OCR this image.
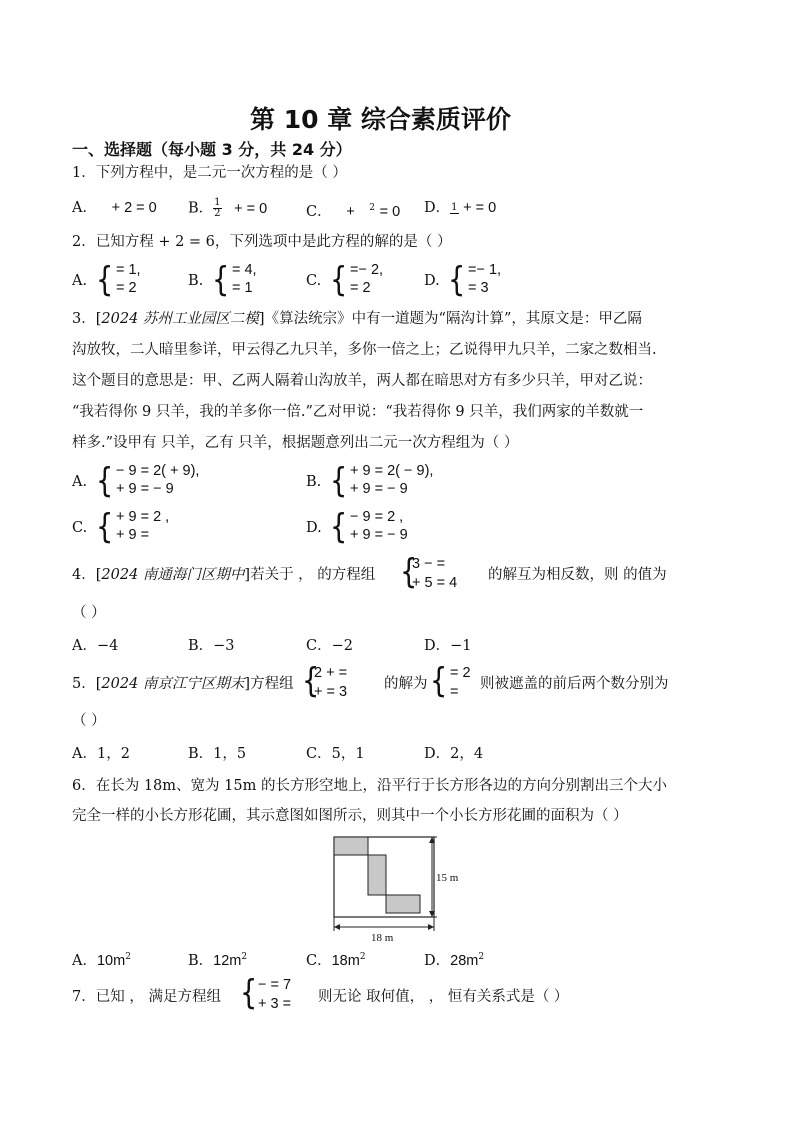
第 10 章 综合素质评价
一、选择题（每小题 3 分，共 24 分）
1．下列方程中，是二元一次方程的是（ ）
A． + 2 = 0 B． $\frac{1}{2}$ + = 0	C． + $^2$ = 0 D． 1 + = 0
2．已知方程 + 2 = 6，下列选项中是此方程的解的是（ ）
A. { = 1,
= 2	B. { = 4,
= 1	C. { =− 2,
= 2	D. { =− 1,
= 3
3．[2024 苏州工业园区二模]《算法统宗》中有一道题为“隔沟计算”，其原文是：甲乙隔
沟放牧，二人暗里参详，甲云得乙九只羊，多你一倍之上；乙说得甲九只羊，二家之数相当.
这个题目的意思是：甲、乙两人隔着山沟放羊，两人都在暗思对方有多少只羊，甲对乙说：
“我若得你 9 只羊，我的羊多你一倍.”乙对甲说：“我若得你 9 只羊，我们两家的羊数就一
样多.”设甲有 只羊，乙有 只羊，根据题意列出二元一次方程组为（ ）
A. { − 9 = 2( + 9),
+ 9 = − 9	B. { + 9 = 2( − 9),
+ 9 = − 9
C. { + 9 = 2 ,
+ 9 =	D. { − 9 = 2 ,
+ 9 = − 9
4．[2024 南通海门区期中]若关于 ， 的方程组 {
3 − =
+ 5 = 4 的解互为相反数，则 的值为
（ ）
A．−4	B．−3	C．−2	D．−1
5．[2024 南京江宁区期末]方程组 {
2 + =
+ = 3	的解为 { = 2
= 则被遮盖的前后两个数分别为
（ ）
A．1，2	B．1，5	C．5，1	D．2，4
6．在长为 18m、宽为 15m 的长方形空地上，沿平行于长方形各边的方向分别割出三个大小
完全一样的小长方形花圃，其示意图如图所示，则其中一个小长方形花圃的面积为（ ）
18 m
15 m
A．$10m^2$	B．$12m^2$	C．$18m^2$	D．$28m^2$
7．已知 ， 满足方程组 { − = 7
+ 3 = 则无论 取何值， ， 恒有关系式是（ ）
